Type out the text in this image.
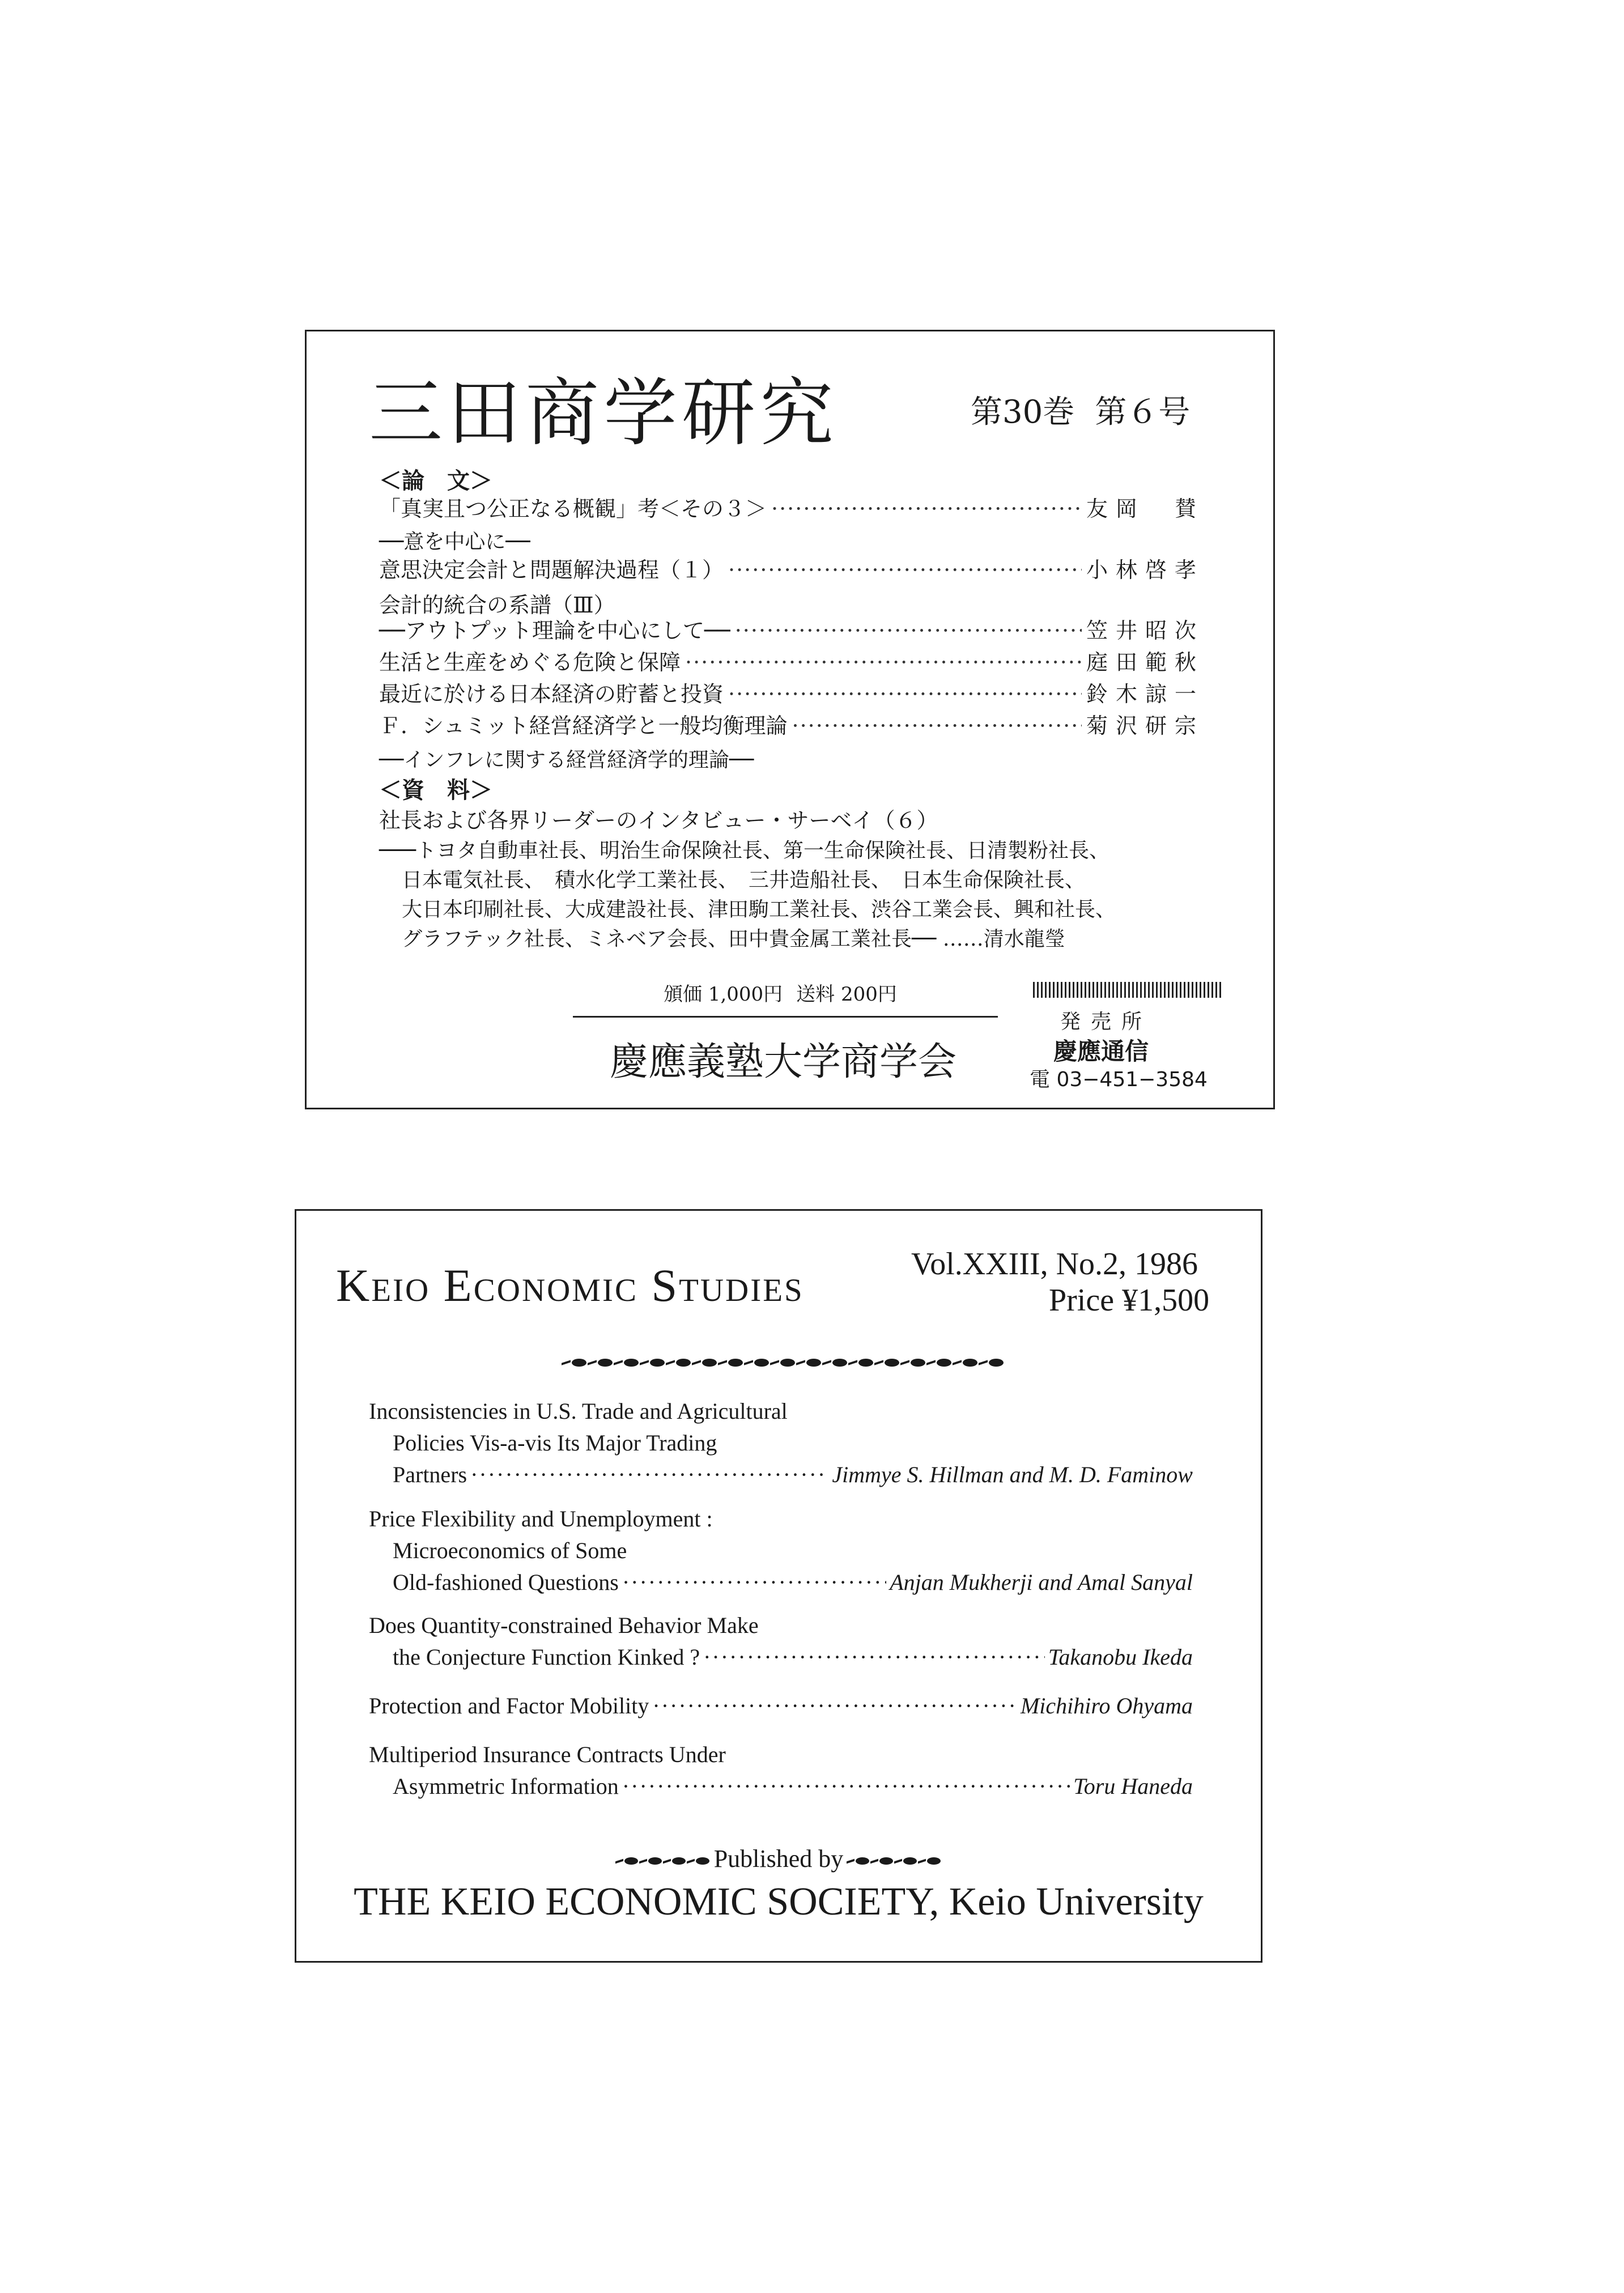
三田商学研究	第30巻 第６号
＜論　文＞
「真実且つ公正なる概観」考＜その３＞ ·····	友岡　賛
──意を中心に──
意思決定会計と問題解決過程（１） ·····	小林啓孝
会計的統合の系譜（Ⅲ）
──アウトプット理論を中心にして── ·····	笠井昭次
生活と生産をめぐる危険と保障 ·····	庭田範秋
最近に於ける日本経済の貯蓄と投資 ·····	鈴木諒一
Ｆ．シュミット経営経済学と一般均衡理論 ·····	菊沢研宗
──インフレに関する経営経済学的理論──
＜資　料＞
社長および各界リーダーのインタビュー・サーベイ（６）
───トヨタ自動車社長、明治生命保険社長、第一生命保険社長、日清製粉社長、
日本電気社長、　積水化学工業社長、　三井造船社長、　日本生命保険社長、
大日本印刷社長、大成建設社長、津田駒工業社長、渋谷工業会長、興和社長、
グラフテック社長、ミネベア会長、田中貴金属工業社長── ……清水龍瑩
頒価 1,000円 送料 200円
慶應義塾大学商学会
発売所
慶應通信
電 03−451−3584
Keio Economic Studies	Vol.XXIII, No.2, 1986
Price ¥1,500
Inconsistencies in U.S. Trade and Agricultural
Policies Vis-a-vis Its Major Trading
Partners ·····	Jimmye S. Hillman and M. D. Faminow
Price Flexibility and Unemployment :
Microeconomics of Some
Old-fashioned Questions ·····	Anjan Mukherji and Amal Sanyal
Does Quantity-constrained Behavior Make
the Conjecture Function Kinked ? ·····	Takanobu Ikeda
Protection and Factor Mobility ·····	Michihiro Ohyama
Multiperiod Insurance Contracts Under
Asymmetric Information ·····	Toru Haneda
Published by
THE KEIO ECONOMIC SOCIETY, Keio University
